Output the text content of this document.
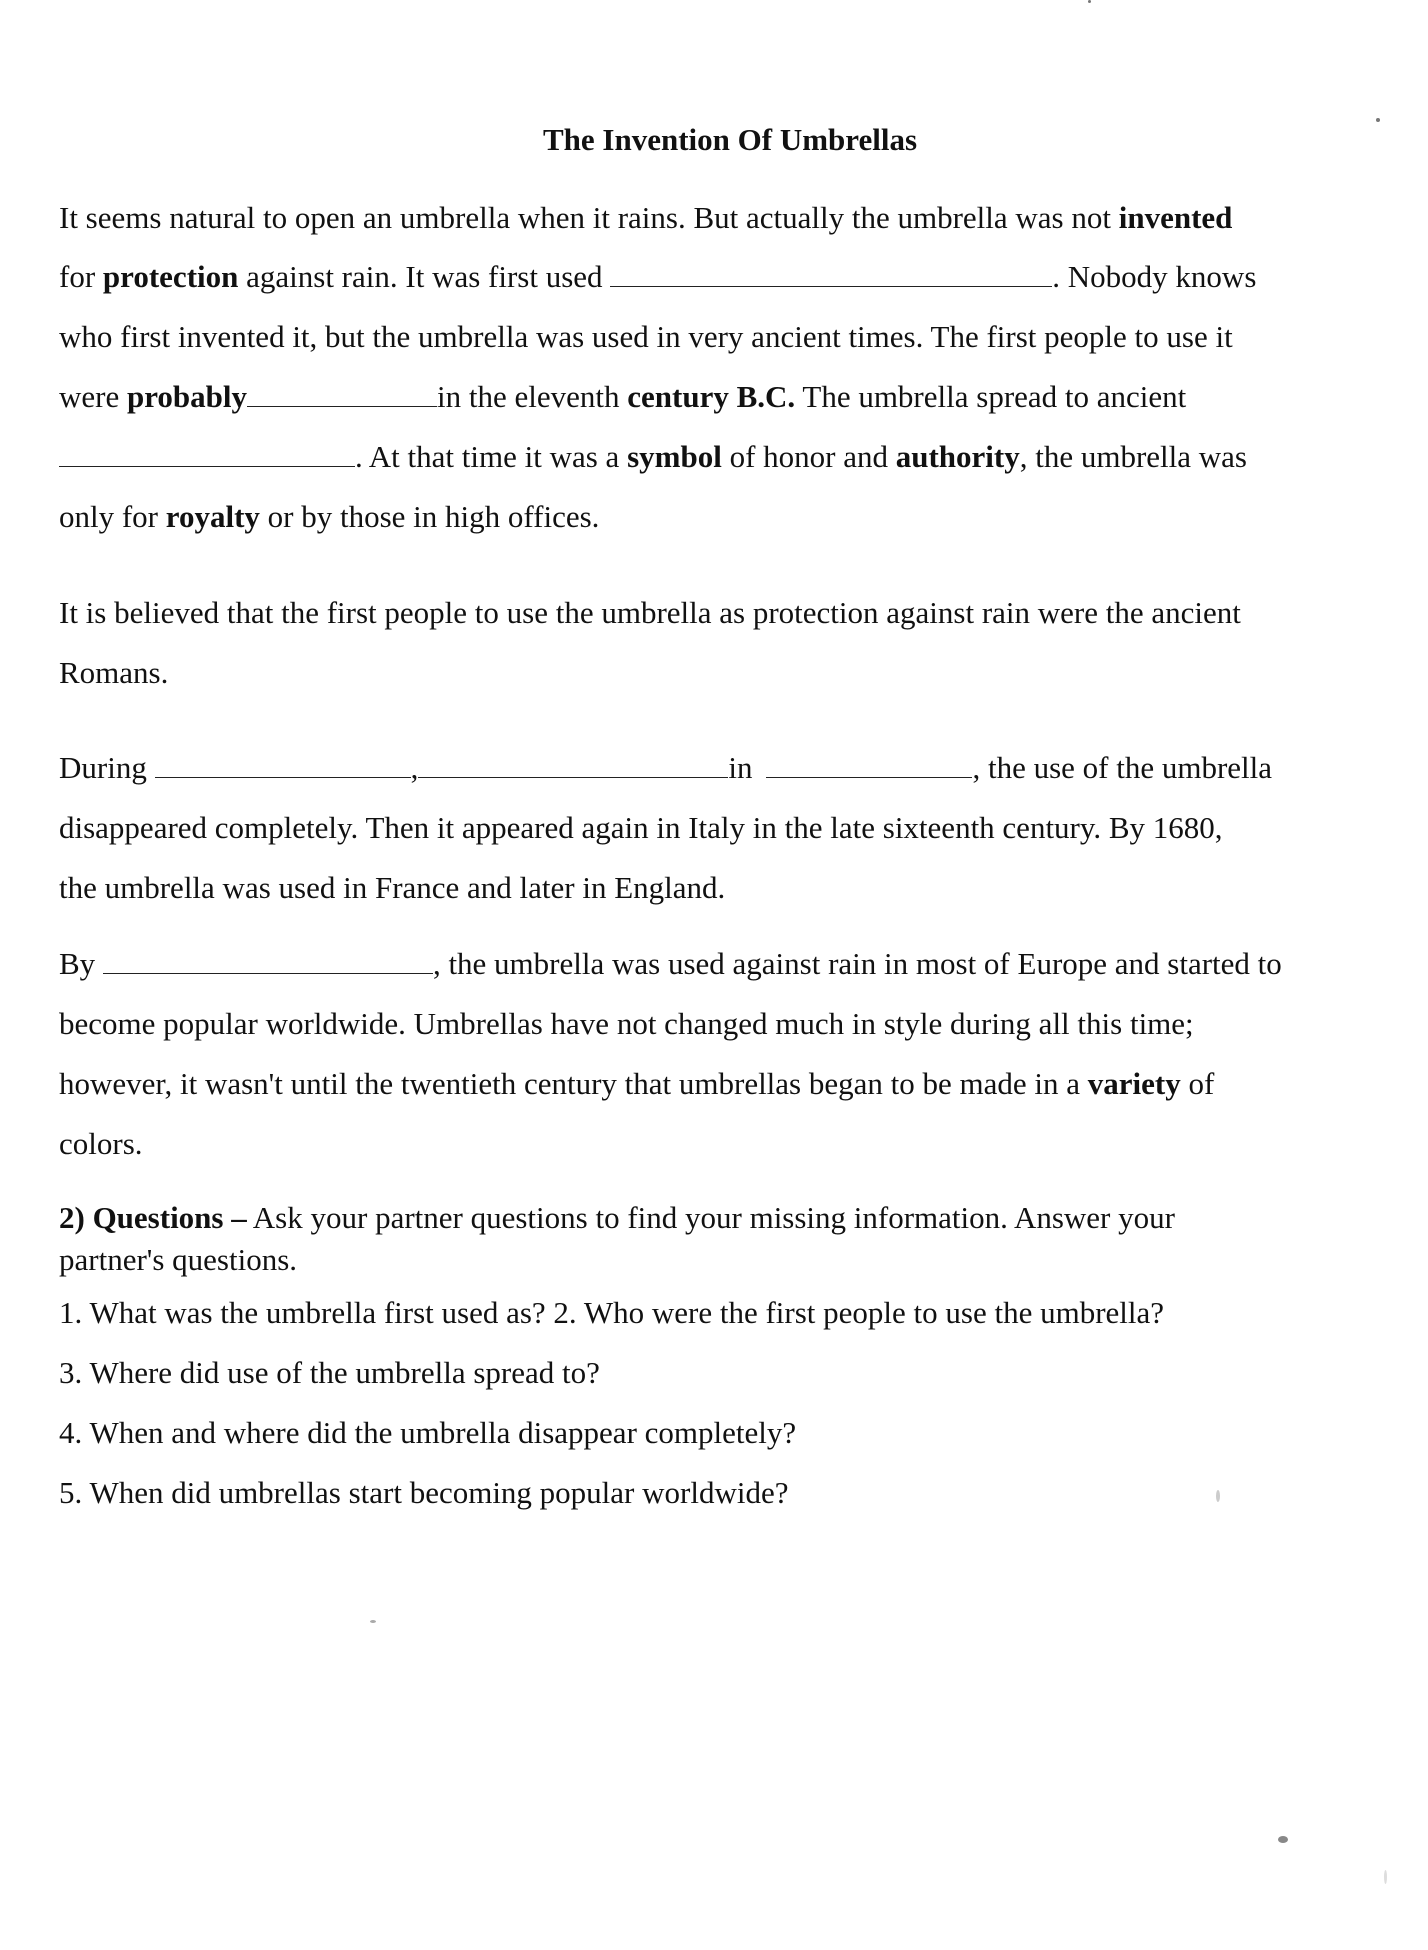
The Invention Of Umbrellas
It seems natural to open an umbrella when it rains. But actually the umbrella was not invented
for protection against rain. It was first used	. Nobody knows
who first invented it, but the umbrella was used in very ancient times. The first people to use it
were probably	in the eleventh century B.C. The umbrella spread to ancient
. At that time it was a symbol of honor and authority, the umbrella was
only for royalty or by those in high offices.
It is believed that the first people to use the umbrella as protection against rain were the ancient
Romans.
During	,	in	, the use of the umbrella
disappeared completely. Then it appeared again in Italy in the late sixteenth century. By 1680,
the umbrella was used in France and later in England.
By	, the umbrella was used against rain in most of Europe and started to
become popular worldwide. Umbrellas have not changed much in style during all this time;
however, it wasn't until the twentieth century that umbrellas began to be made in a variety of
colors.
2) Questions – Ask your partner questions to find your missing information. Answer your
partner's questions.
1. What was the umbrella first used as? 2. Who were the first people to use the umbrella?
3. Where did use of the umbrella spread to?
4. When and where did the umbrella disappear completely?
5. When did umbrellas start becoming popular worldwide?
